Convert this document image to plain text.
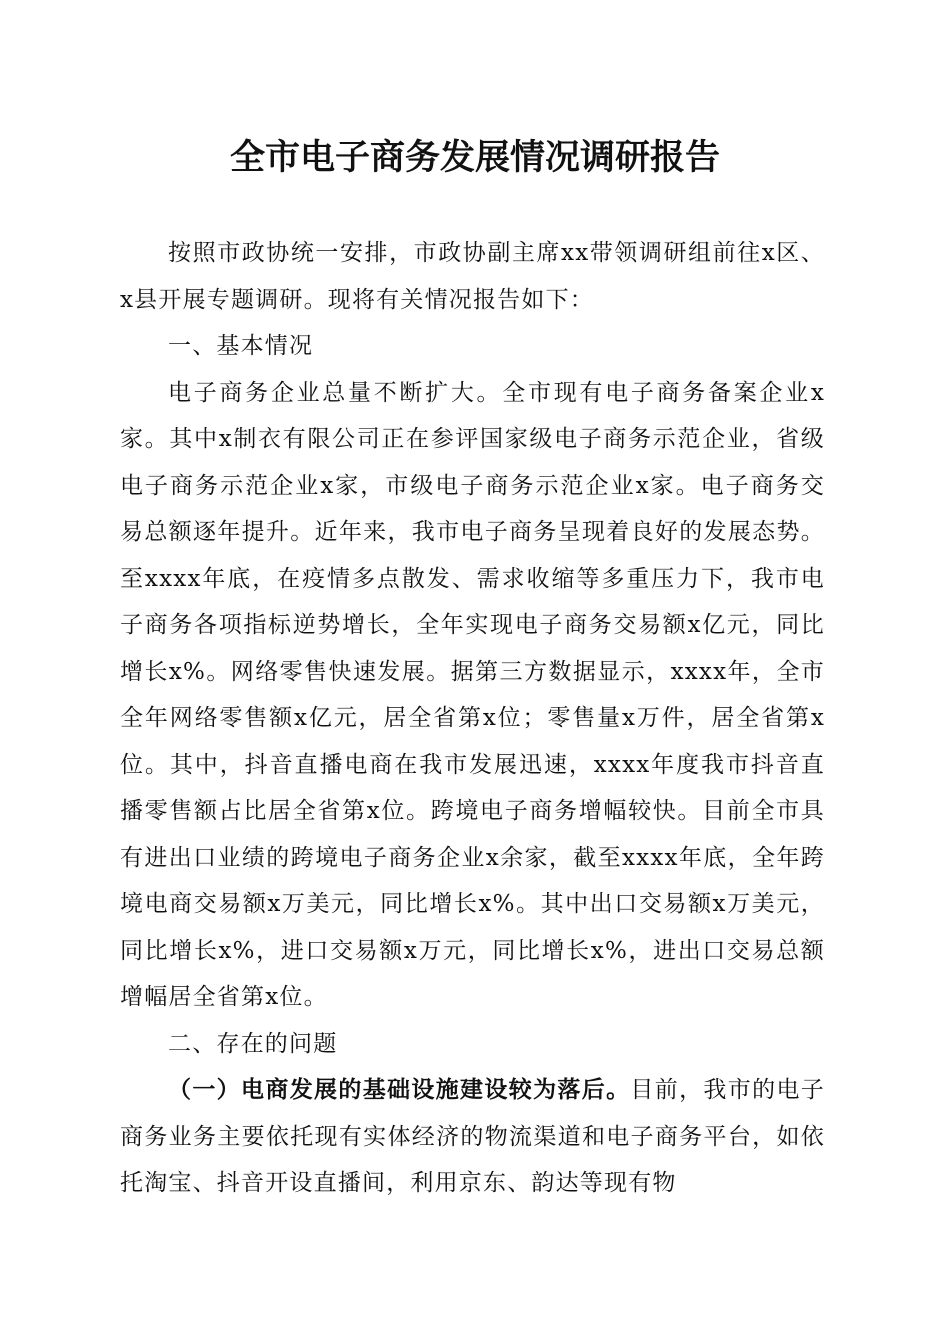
全市电子商务发展情况调研报告

按照市政协统一安排，市政协副主席xx带领调研组前往x区、x县开展专题调研。现将有关情况报告如下：

一、基本情况

电子商务企业总量不断扩大。全市现有电子商务备案企业x家。其中x制衣有限公司正在参评国家级电子商务示范企业，省级电子商务示范企业x家，市级电子商务示范企业x家。电子商务交易总额逐年提升。近年来，我市电子商务呈现着良好的发展态势。至xxxx年底，在疫情多点散发、需求收缩等多重压力下，我市电子商务各项指标逆势增长，全年实现电子商务交易额x亿元，同比增长x%。网络零售快速发展。据第三方数据显示，xxxx年，全市全年网络零售额x亿元，居全省第x位；零售量x万件，居全省第x位。其中，抖音直播电商在我市发展迅速，xxxx年度我市抖音直播零售额占比居全省第x位。跨境电子商务增幅较快。目前全市具有进出口业绩的跨境电子商务企业x余家，截至xxxx年底，全年跨境电商交易额x万美元，同比增长x%。其中出口交易额x万美元，同比增长x%，进口交易额x万元，同比增长x%，进出口交易总额增幅居全省第x位。

二、存在的问题

（一）电商发展的基础设施建设较为落后。目前，我市的电子商务业务主要依托现有实体经济的物流渠道和电子商务平台，如依托淘宝、抖音开设直播间，利用京东、韵达等现有物
